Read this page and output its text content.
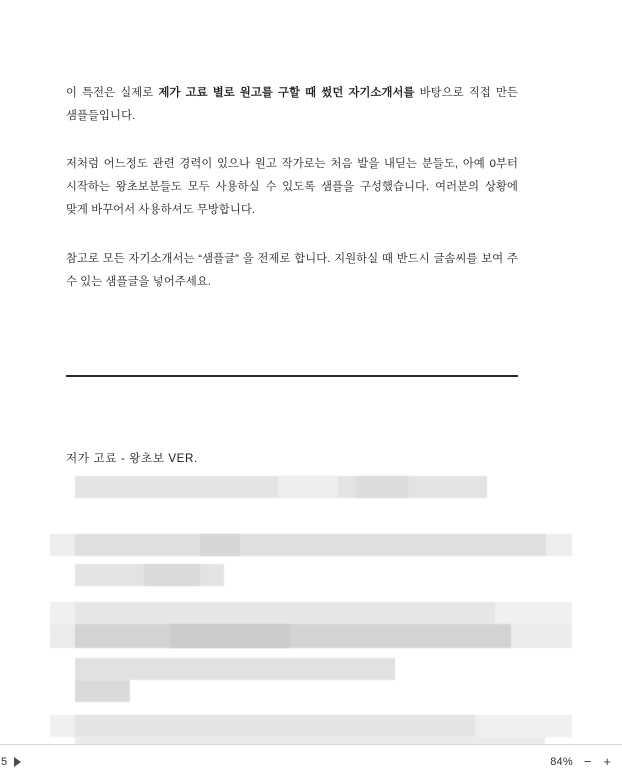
이 특전은 실제로 제가 고료 별로 원고를 구할 때 썼던 자기소개서를 바탕으로 직접 만든 샘플들입니다.

저처럼 어느정도 관련 경력이 있으나 원고 작가로는 처음 발을 내딛는 분들도, 아예 0부터 시작하는 왕초보분들도 모두 사용하실 수 있도록 샘플을 구성했습니다. 여러분의 상황에 맞게 바꾸어서 사용하셔도 무방합니다.

참고로 모든 자기소개서는 “샘플글” 을 전제로 합니다. 지원하실 때 반드시 글솜씨를 보여 주 수 있는 샘플글을 넣어주세요.

저가 고료 - 왕초보 VER.
5	84% − +
